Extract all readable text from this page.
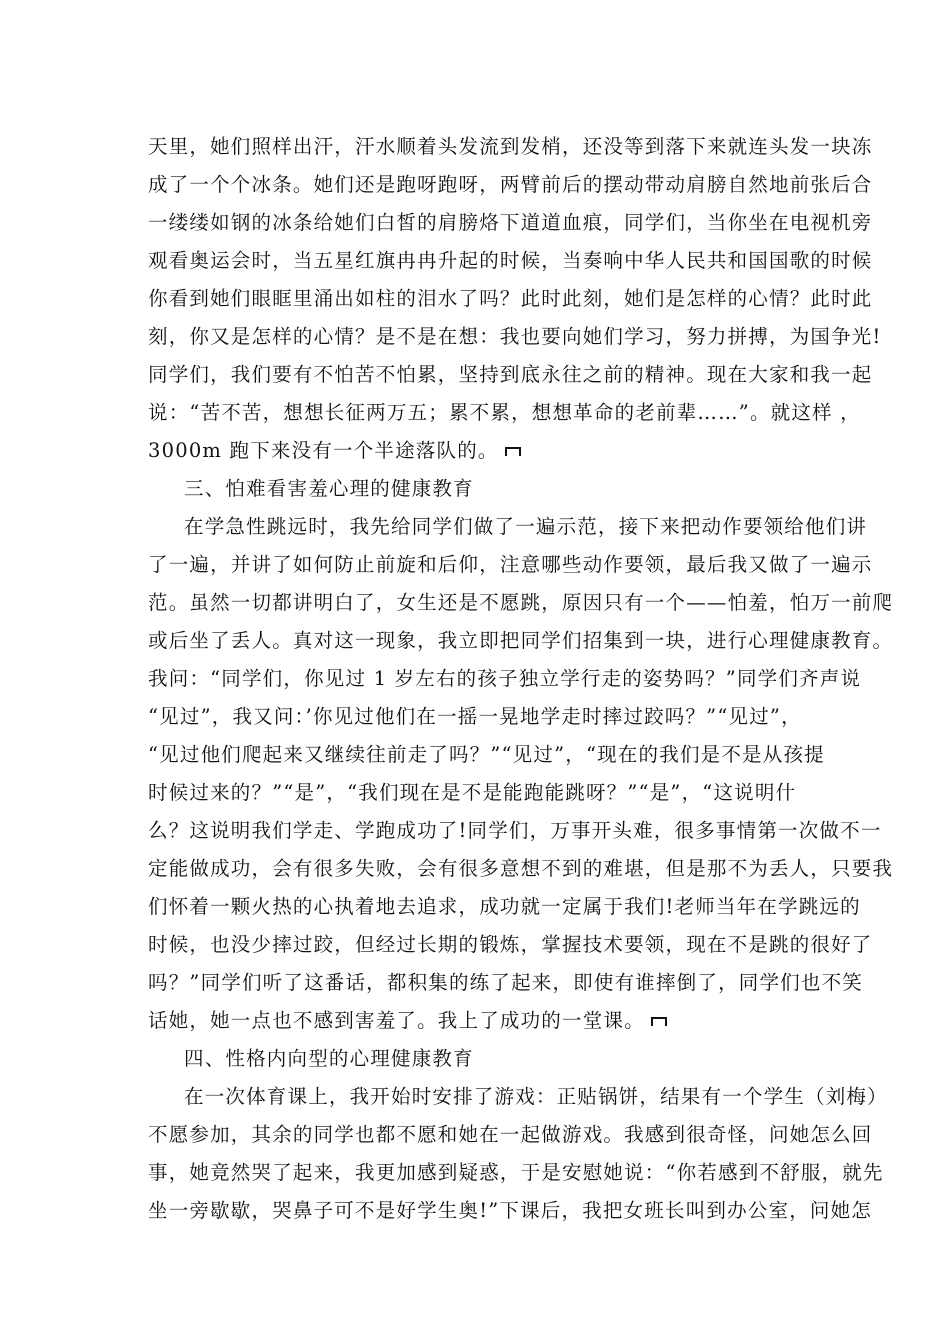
天里，她们照样出汗，汗水顺着头发流到发梢，还没等到落下来就连头发一块冻
成了一个个冰条。她们还是跑呀跑呀，两臂前后的摆动带动肩膀自然地前张后合
一缕缕如钢的冰条给她们白皙的肩膀烙下道道血痕，同学们，当你坐在电视机旁
观看奥运会时，当五星红旗冉冉升起的时候，当奏响中华人民共和国国歌的时候
你看到她们眼眶里涌出如柱的泪水了吗？此时此刻，她们是怎样的心情？此时此
刻，你又是怎样的心情？是不是在想：我也要向她们学习，努力拼搏，为国争光!
同学们，我们要有不怕苦不怕累，坚持到底永往之前的精神。现在大家和我一起
说：“苦不苦，想想长征两万五；累不累，想想革命的老前辈……”。就这样 ，
3000m 跑下来没有一个半途落队的。
三、怕难看害羞心理的健康教育
在学急性跳远时，我先给同学们做了一遍示范，接下来把动作要领给他们讲
了一遍，并讲了如何防止前旋和后仰，注意哪些动作要领，最后我又做了一遍示
范。虽然一切都讲明白了，女生还是不愿跳，原因只有一个——怕羞，怕万一前爬
或后坐了丢人。真对这一现象，我立即把同学们招集到一块，进行心理健康教育。
我问：“同学们，你见过 1 岁左右的孩子独立学行走的姿势吗？”同学们齐声说
“见过”，我又问：’你见过他们在一摇一晃地学走时摔过跤吗？”“见过”，
“见过他们爬起来又继续往前走了吗？”“见过”，“现在的我们是不是从孩提
时候过来的？”“是”，“我们现在是不是能跑能跳呀？”“是”，“这说明什
么？这说明我们学走、学跑成功了!同学们，万事开头难，很多事情第一次做不一
定能做成功，会有很多失败，会有很多意想不到的难堪，但是那不为丢人，只要我
们怀着一颗火热的心执着地去追求，成功就一定属于我们!老师当年在学跳远的
时候，也没少摔过跤，但经过长期的锻炼，掌握技术要领，现在不是跳的很好了
吗？”同学们听了这番话，都积集的练了起来，即使有谁摔倒了，同学们也不笑
话她，她一点也不感到害羞了。我上了成功的一堂课。
四、性格内向型的心理健康教育
在一次体育课上，我开始时安排了游戏：正贴锅饼，结果有一个学生（刘梅）
不愿参加，其余的同学也都不愿和她在一起做游戏。我感到很奇怪，问她怎么回
事，她竟然哭了起来，我更加感到疑惑，于是安慰她说：“你若感到不舒服，就先
坐一旁歇歇，哭鼻子可不是好学生奥!”下课后，我把女班长叫到办公室，问她怎
